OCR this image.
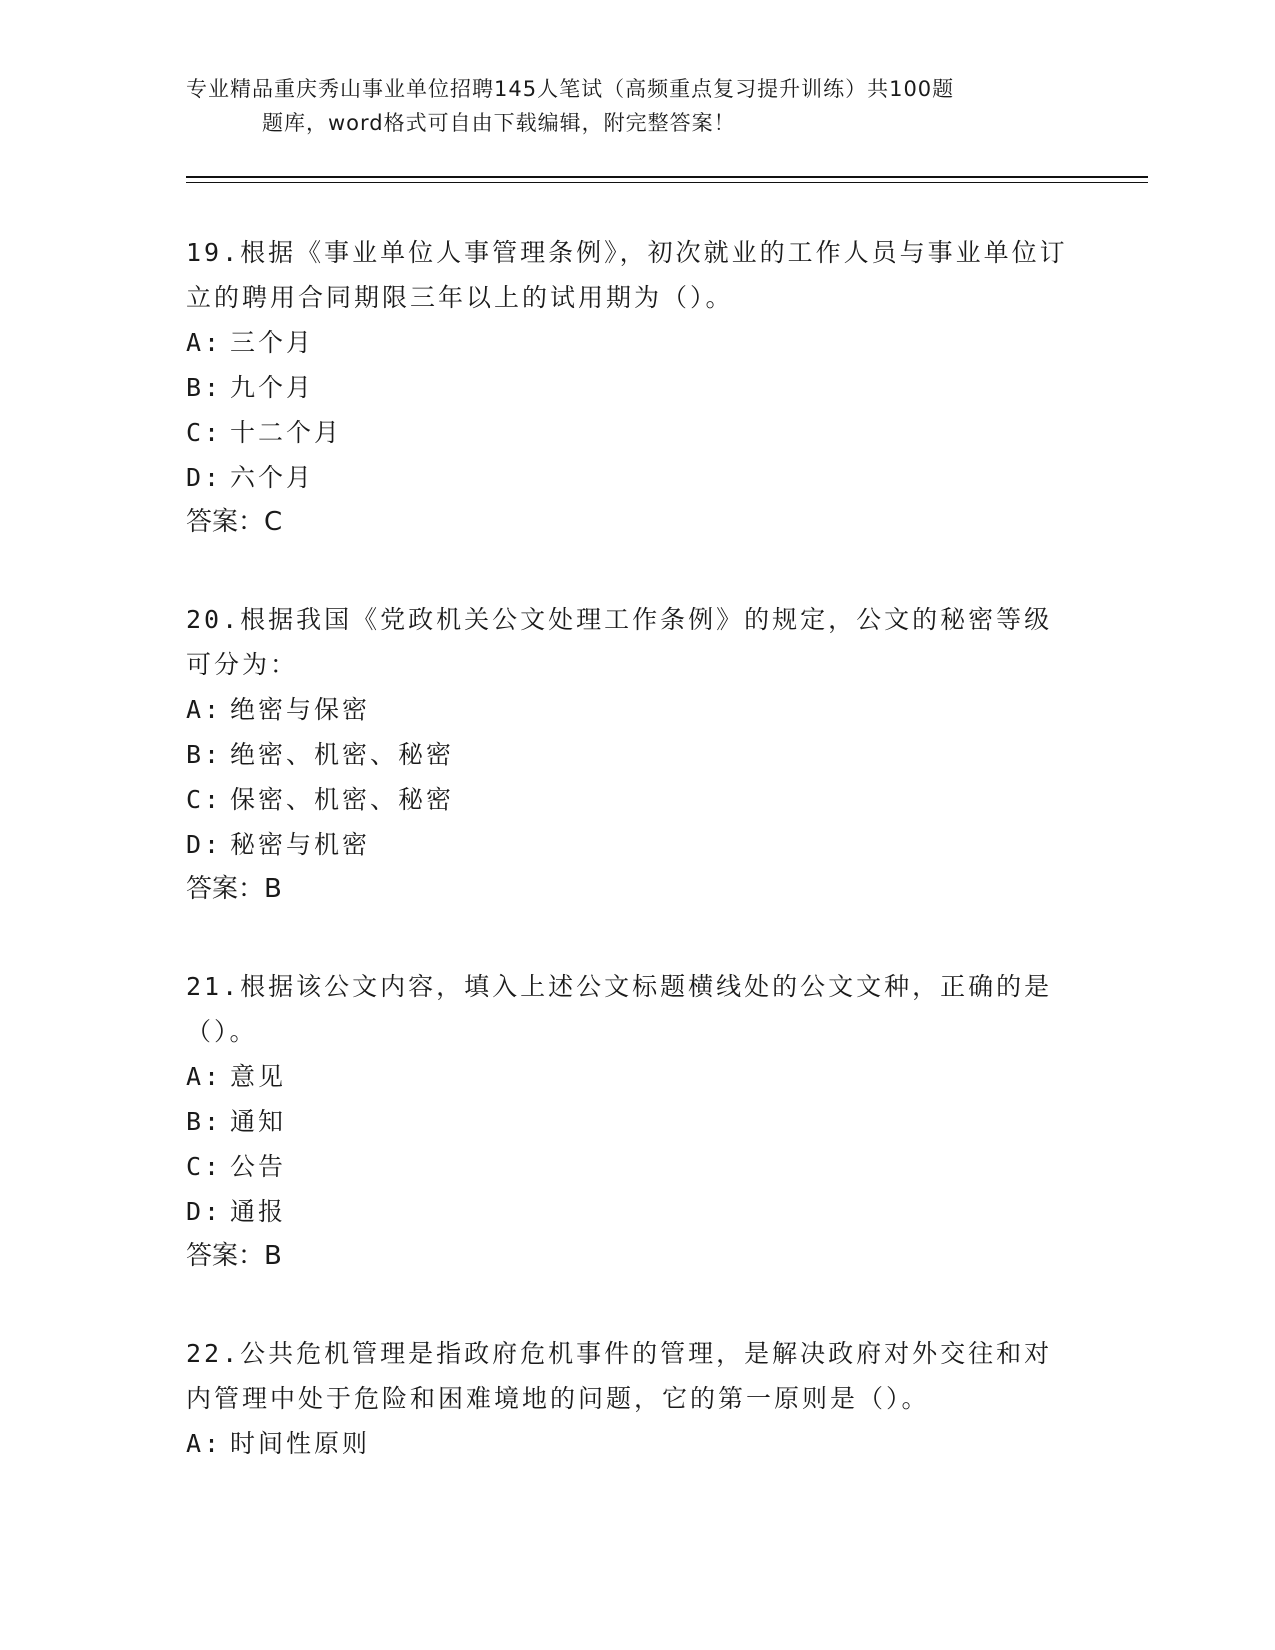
专业精品重庆秀山事业单位招聘145人笔试（高频重点复习提升训练）共100题
题库，word格式可自由下载编辑，附完整答案！

19.根据《事业单位人事管理条例》，初次就业的工作人员与事业单位订立的聘用合同期限三年以上的试用期为（）。

A: 三个月

B: 九个月

C: 十二个月

D: 六个月

答案：C

20.根据我国《党政机关公文处理工作条例》的规定，公文的秘密等级可分为：

A: 绝密与保密

B: 绝密、机密、秘密

C: 保密、机密、秘密

D: 秘密与机密

答案：B

21.根据该公文内容，填入上述公文标题横线处的公文文种，正确的是（）。

A: 意见

B: 通知

C: 公告

D: 通报

答案：B

22.公共危机管理是指政府危机事件的管理，是解决政府对外交往和对内管理中处于危险和困难境地的问题，它的第一原则是（）。

A: 时间性原则
